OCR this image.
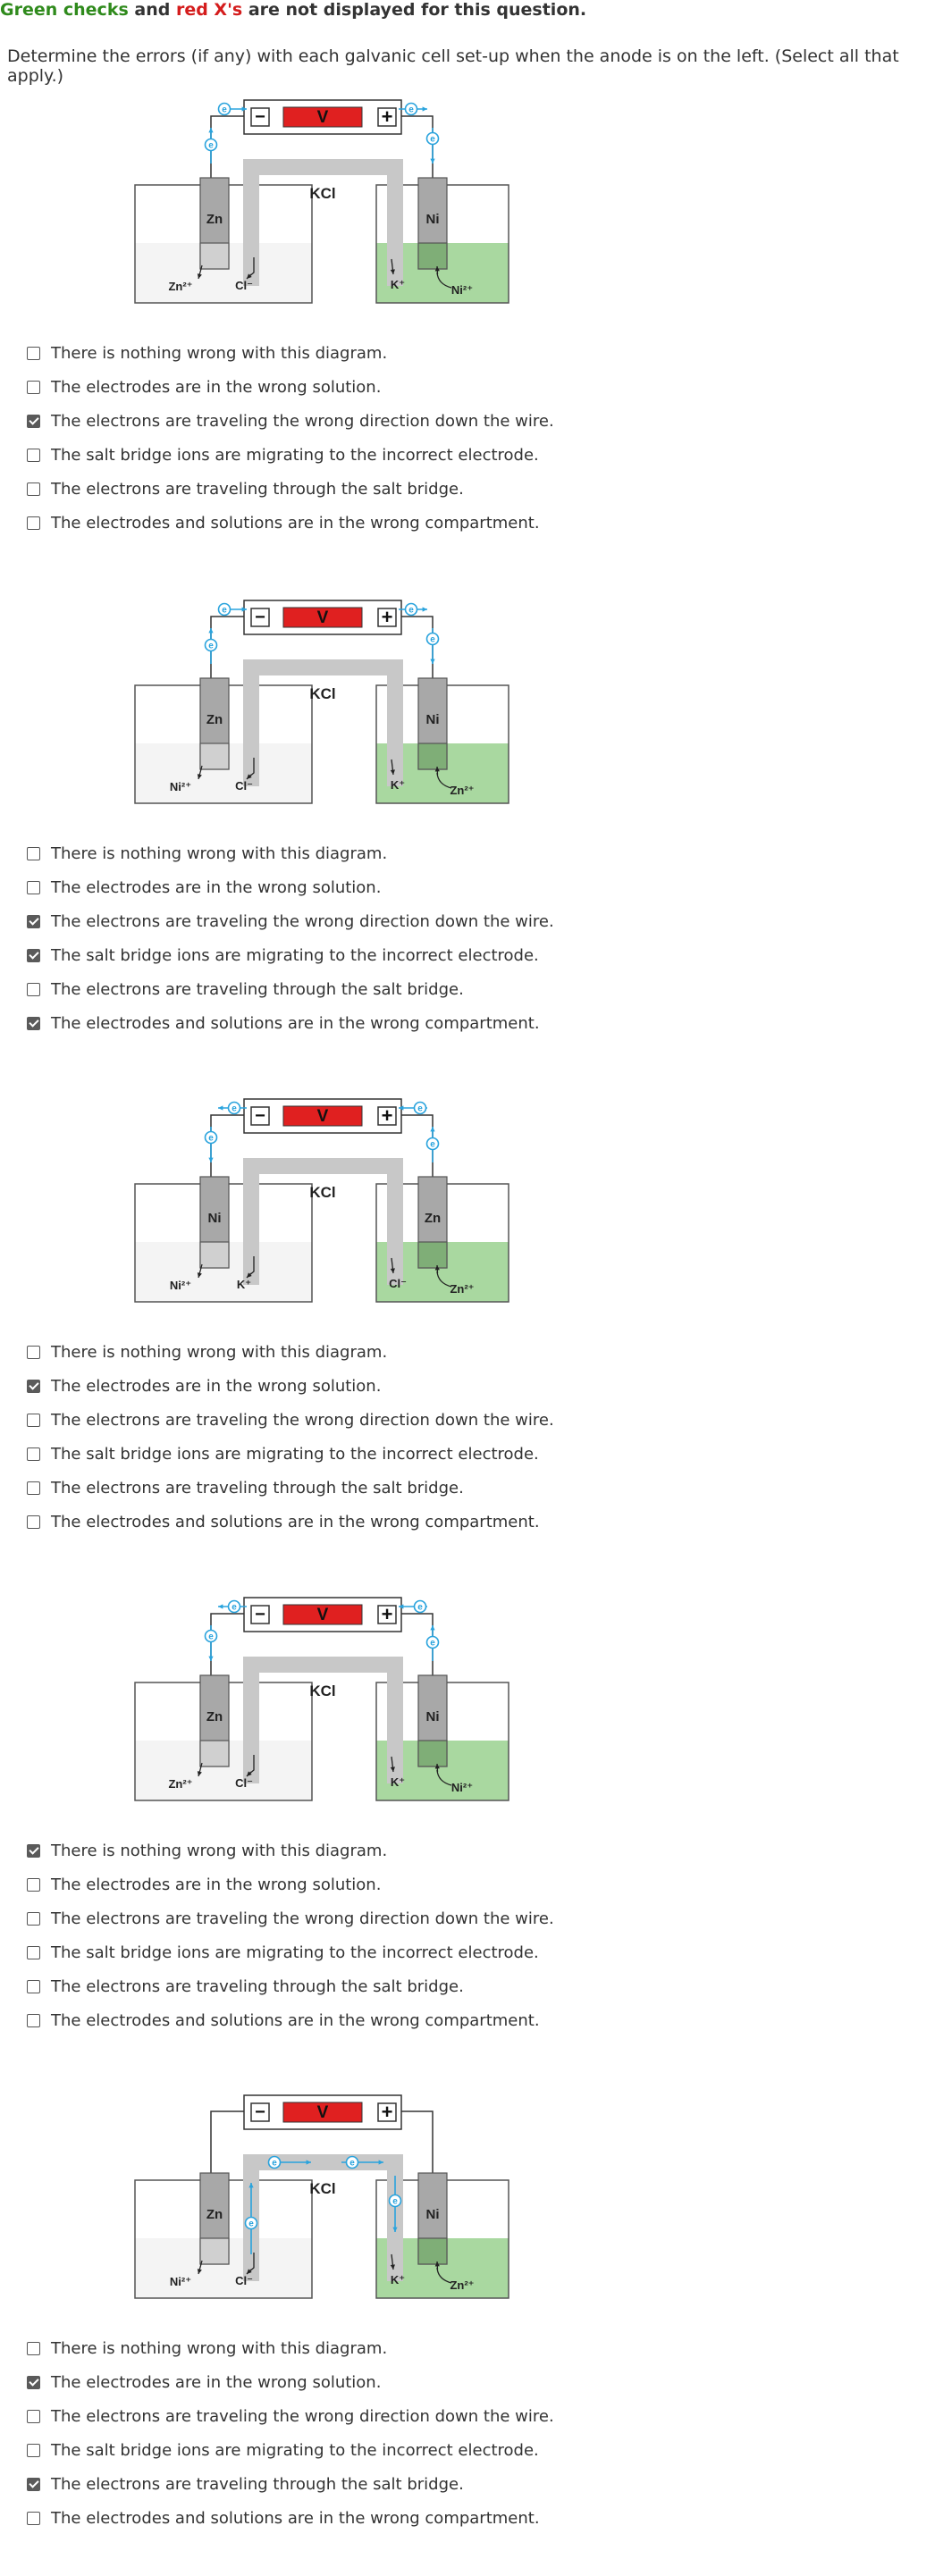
Green checks and red X's are not displayed for this question.
Determine the errors (if any) with each galvanic cell set-up when the anode is on the left. (Select all that apply.)
KCl
V
−	+
Zn	Ni
Zn²⁺	Cl⁻	K⁺	Ni²⁺
e
e	e
e
There is nothing wrong with this diagram.
The electrodes are in the wrong solution.
The electrons are traveling the wrong direction down the wire.
The salt bridge ions are migrating to the incorrect electrode.
The electrons are traveling through the salt bridge.
The electrodes and solutions are in the wrong compartment.
KCl
V
−	+
Zn	Ni
Ni²⁺	Cl⁻	K⁺	Zn²⁺
e
e	e
e
There is nothing wrong with this diagram.
The electrodes are in the wrong solution.
The electrons are traveling the wrong direction down the wire.
The salt bridge ions are migrating to the incorrect electrode.
The electrons are traveling through the salt bridge.
The electrodes and solutions are in the wrong compartment.
KCl
V
−	+
Ni	Zn
Ni²⁺	K⁺	Cl⁻	Zn²⁺
e
e
e
e
There is nothing wrong with this diagram.
The electrodes are in the wrong solution.
The electrons are traveling the wrong direction down the wire.
The salt bridge ions are migrating to the incorrect electrode.
The electrons are traveling through the salt bridge.
The electrodes and solutions are in the wrong compartment.
KCl
V
−	+
Zn	Ni
Zn²⁺	Cl⁻	K⁺	Ni²⁺
e
e
e
e
There is nothing wrong with this diagram.
The electrodes are in the wrong solution.
The electrons are traveling the wrong direction down the wire.
The salt bridge ions are migrating to the incorrect electrode.
The electrons are traveling through the salt bridge.
The electrodes and solutions are in the wrong compartment.
KCl
V
−	+
Zn	Ni
Ni²⁺	Cl⁻	K⁺	Zn²⁺
e
e	e
e
There is nothing wrong with this diagram.
The electrodes are in the wrong solution.
The electrons are traveling the wrong direction down the wire.
The salt bridge ions are migrating to the incorrect electrode.
The electrons are traveling through the salt bridge.
The electrodes and solutions are in the wrong compartment.
